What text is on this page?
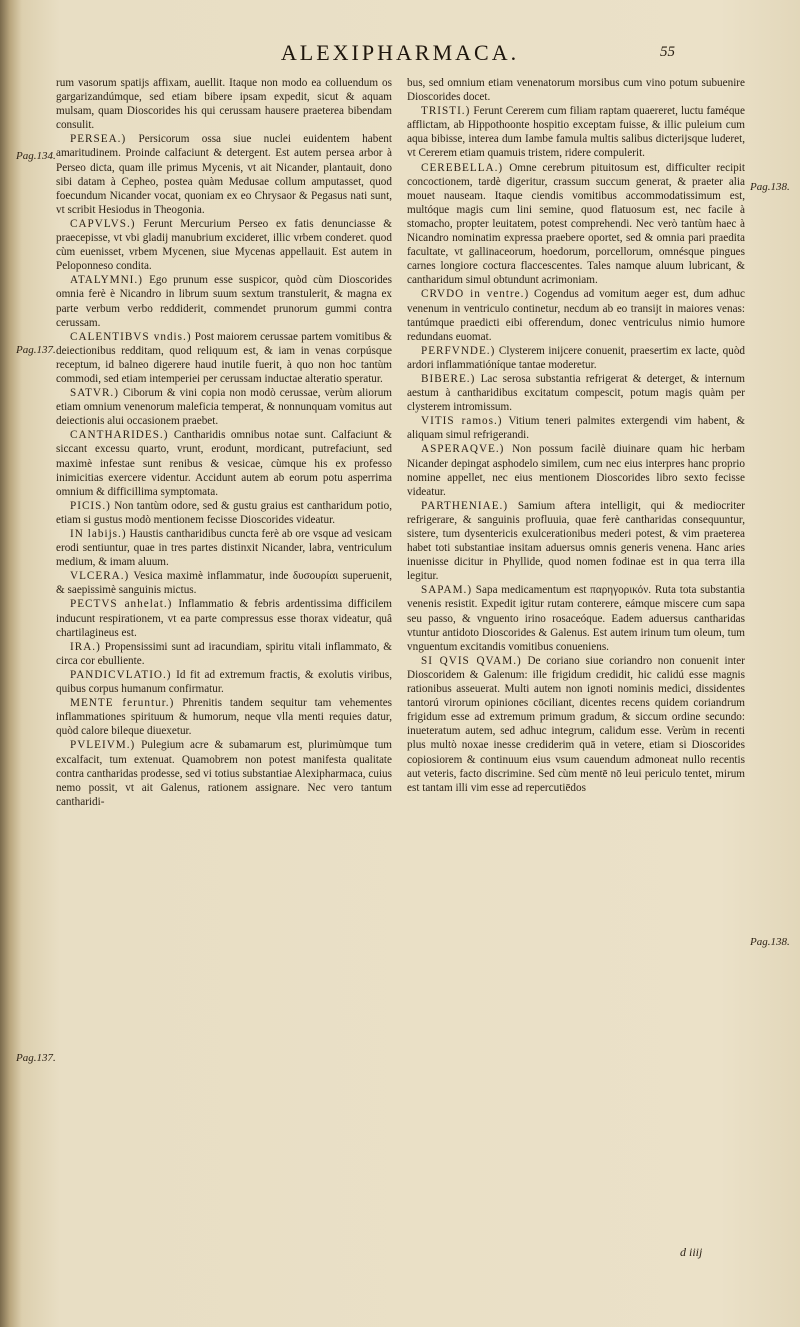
ALEXIPHARMACA.	55
Pag.134.
Pag.137.
Pag.137.
Pag.138.
Pag.138.

rum vasorum spatijs affixam, auellit. Itaque non modo ea colluendum os gargarizandúmque, sed etiam bibere ipsam expedit, sicut & aquam mulsam, quam Dioscorides his qui cerussam hausere praeterea bibendam consulit.

PERSEA.) Persicorum ossa siue nuclei euidentem habent amaritudinem. Proinde calfaciunt & detergent. Est autem persea arbor à Perseo dicta, quam ille primus Mycenis, vt ait Nicander, plantauit, dono sibi datam à Cepheo, postea quàm Medusae collum amputasset, quod foecundum Nicander vocat, quoniam ex eo Chrysaor & Pegasus nati sunt, vt scribit Hesiodus in Theogonia.

CAPVLVS.) Ferunt Mercurium Perseo ex fatis denunciasse & praecepisse, vt vbi gladij manubrium excideret, illic vrbem conderet. quod cùm euenisset, vrbem Mycenen, siue Mycenas appellauit. Est autem in Peloponneso condita.

ATALYMNI.) Ego prunum esse suspicor, quòd cùm Dioscorides omnia ferè è Nicandro in librum suum sextum transtulerit, & magna ex parte verbum verbo reddiderit, commendet prunorum gummi contra cerussam.

CALENTIBVS vndis.) Post maiorem cerussae partem vomitibus & deiectionibus redditam, quod reliquum est, & iam in venas corpúsque receptum, id balneo digerere haud inutile fuerit, à quo non hoc tantùm commodi, sed etiam intemperiei per cerussam inductae alteratio speratur.

SATVR.) Ciborum & vini copia non modò cerussae, verùm aliorum etiam omnium venenorum maleficia temperat, & nonnunquam vomitus aut deiectionis alui occasionem praebet.

CANTHARIDES.) Cantharidis omnibus notae sunt. Calfaciunt & siccant excessu quarto, vrunt, erodunt, mordicant, putrefaciunt, sed maximè infestae sunt renibus & vesicae, cùmque his ex professo inimicitias exercere videntur. Accidunt autem ab eorum potu asperrima omnium & difficillima symptomata.

PICIS.) Non tantùm odore, sed & gustu graius est cantharidum potio, etiam si gustus modò mentionem fecisse Dioscorides videatur.

IN labijs.) Haustis cantharidibus cuncta ferè ab ore vsque ad vesicam erodi sentiuntur, quae in tres partes distinxit Nicander, labra, ventriculum medium, & imam aluum.

VLCERA.) Vesica maximè inflammatur, inde δυσουρίαι superuenit, & saepissimè sanguinis mictus.

PECTVS anhelat.) Inflammatio & febris ardentissima difficilem inducunt respirationem, vt ea parte compressus esse thorax videatur, quâ chartilagineus est.

IRA.) Propensissimi sunt ad iracundiam, spiritu vitali inflammato, & circa cor ebulliente.

PANDICVLATIO.) Id fit ad extremum fractis, & exolutis viribus, quibus corpus humanum confirmatur.

MENTE feruntur.) Phrenitis tandem sequitur tam vehementes inflammationes spirituum & humorum, neque vlla menti requies datur, quòd calore bileque diuexetur.

PVLEIVM.) Pulegium acre & subamarum est, plurimùmque tum excalfacit, tum extenuat. Quamobrem non potest manifesta qualitate contra cantharidas prodesse, sed vi totius substantiae Alexipharmaca, cuius nemo possit, vt ait Galenus, rationem assignare. Nec vero tantum cantharidi-

bus, sed omnium etiam venenatorum morsibus cum vino potum subuenire Dioscorides docet.

TRISTI.) Ferunt Cererem cum filiam raptam quaereret, luctu faméque afflictam, ab Hippothoonte hospitio exceptam fuisse, & illic puleium cum aqua bibisse, interea dum Iambe famula multis salibus dicterijsque luderet, vt Cererem etiam quamuis tristem, ridere compulerit.

CEREBELLA.) Omne cerebrum pituitosum est, difficulter recipit concoctionem, tardè digeritur, crassum succum generat, & praeter alia mouet nauseam. Itaque ciendis vomitibus accommodatissimum est, multóque magis cum lini semine, quod flatuosum est, nec facile à stomacho, propter leuitatem, potest comprehendi. Nec verò tantùm haec à Nicandro nominatim expressa praebere oportet, sed & omnia pari praedita facultate, vt gallinaceorum, hoedorum, porcellorum, omnésque pingues carnes longiore coctura flaccescentes. Tales namque aluum lubricant, & cantharidum simul obtundunt acrimoniam.

CRVDO in ventre.) Cogendus ad vomitum aeger est, dum adhuc venenum in ventriculo continetur, necdum ab eo transijt in maiores venas: tantúmque praedicti eibi offerendum, donec ventriculus nimio humore redundans euomat.

PERFVNDE.) Clysterem inijcere conuenit, praesertim ex lacte, quòd ardori inflammatióníque tantae moderetur.

BIBERE.) Lac serosa substantia refrigerat & deterget, & internum aestum à cantharidibus excitatum compescit, potum magis quàm per clysterem intromissum.

VITIS ramos.) Vitium teneri palmites extergendi vim habent, & aliquam simul refrigerandi.

ASPERAQVE.) Non possum facilè diuinare quam hic herbam Nicander depingat asphodelo similem, cum nec eius interpres hanc proprio nomine appellet, nec eius mentionem Dioscorides libro sexto fecisse videatur.

PARTHENIAE.) Samium aftera intelligit, qui & mediocriter refrigerare, & sanguinis profluuia, quae ferè cantharidas consequuntur, sistere, tum dysentericis exulcerationibus mederi potest, & vim praeterea habet toti substantiae insitam aduersus omnis generis venena. Hanc aries inuenisse dicitur in Phyllide, quod nomen fodinae est in qua terra illa legitur.

SAPAM.) Sapa medicamentum est παρηγορικόν. Ruta tota substantia venenis resistit. Expedit igitur rutam conterere, eámque miscere cum sapa seu passo, & vnguento irino rosaceóque. Eadem aduersus cantharidas vtuntur antidoto Dioscorides & Galenus. Est autem irinum tum oleum, tum vnguentum excitandis vomitibus conueniens.

SI QVIS QVAM.) De coriano siue coriandro non conuenit inter Dioscoridem & Galenum: ille frigidum credidit, hic calidú esse magnis rationibus asseuerat. Multi autem non ignoti nominis medici, dissidentes tantorú virorum opiniones cōciliant, dicentes recens quidem coriandrum frigidum esse ad extremum primum gradum, & siccum ordine secundo: inueteratum autem, sed adhuc integrum, calidum esse. Verùm in recenti plus multò noxae inesse crediderim quā in vetere, etiam si Dioscorides copiosiorem & continuum eius vsum cauendum admoneat nullo recentis aut veteris, facto discrimine. Sed cùm mentē nō leui periculo tentet, mirum est tantam illi vim esse ad repercutiēdos

d iiij
